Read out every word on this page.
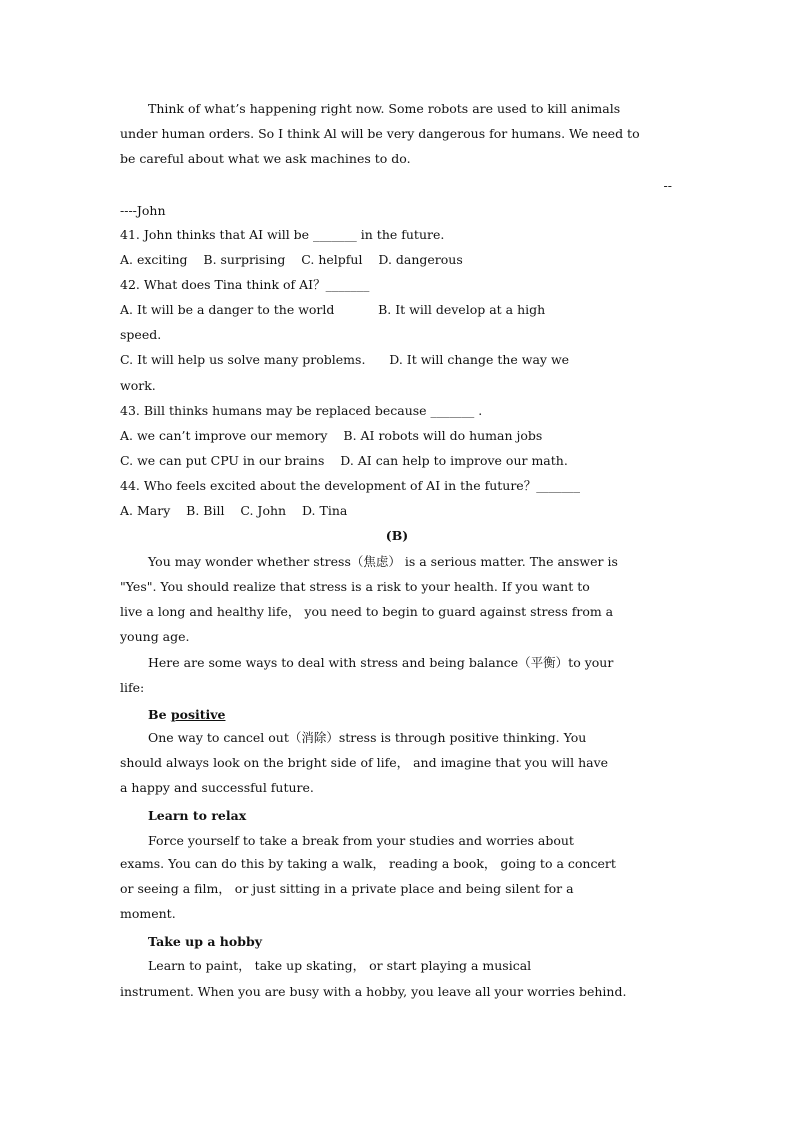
Think of what’s happening right now. Some robots are used to kill animals
under human orders. So I think Al will be very dangerous for humans. We need to
be careful about what we ask machines to do.
--
----John
41. John thinks that AI will be _______ in the future.
A. exciting    B. surprising    C. helpful    D. dangerous
42. What does Tina think of AI？_______
A. It will be a danger to the world           B. It will develop at a high
speed.
C. It will help us solve many problems.      D. It will change the way we
work.
43. Bill thinks humans may be replaced because _______ .
A. we can’t improve our memory    B. AI robots will do human jobs
C. we can put CPU in our brains    D. AI can help to improve our math.
44. Who feels excited about the development of AI in the future？_______
A. Mary    B. Bill    C. John    D. Tina
(B)
You may wonder whether stress（焦虑） is a serious matter. The answer is
"Yes". You should realize that stress is a risk to your health. If you want to
live a long and healthy life， you need to begin to guard against stress from a
young age.
Here are some ways to deal with stress and being balance（平衡）to your
life:
Be positive
One way to cancel out（消除）stress is through positive thinking. You
should always look on the bright side of life， and imagine that you will have
a happy and successful future.
Learn to relax
Force yourself to take a break from your studies and worries about
exams. You can do this by taking a walk， reading a book， going to a concert
or seeing a film， or just sitting in a private place and being silent for a
moment.
Take up a hobby
Learn to paint， take up skating， or start playing a musical
instrument. When you are busy with a hobby, you leave all your worries behind.
